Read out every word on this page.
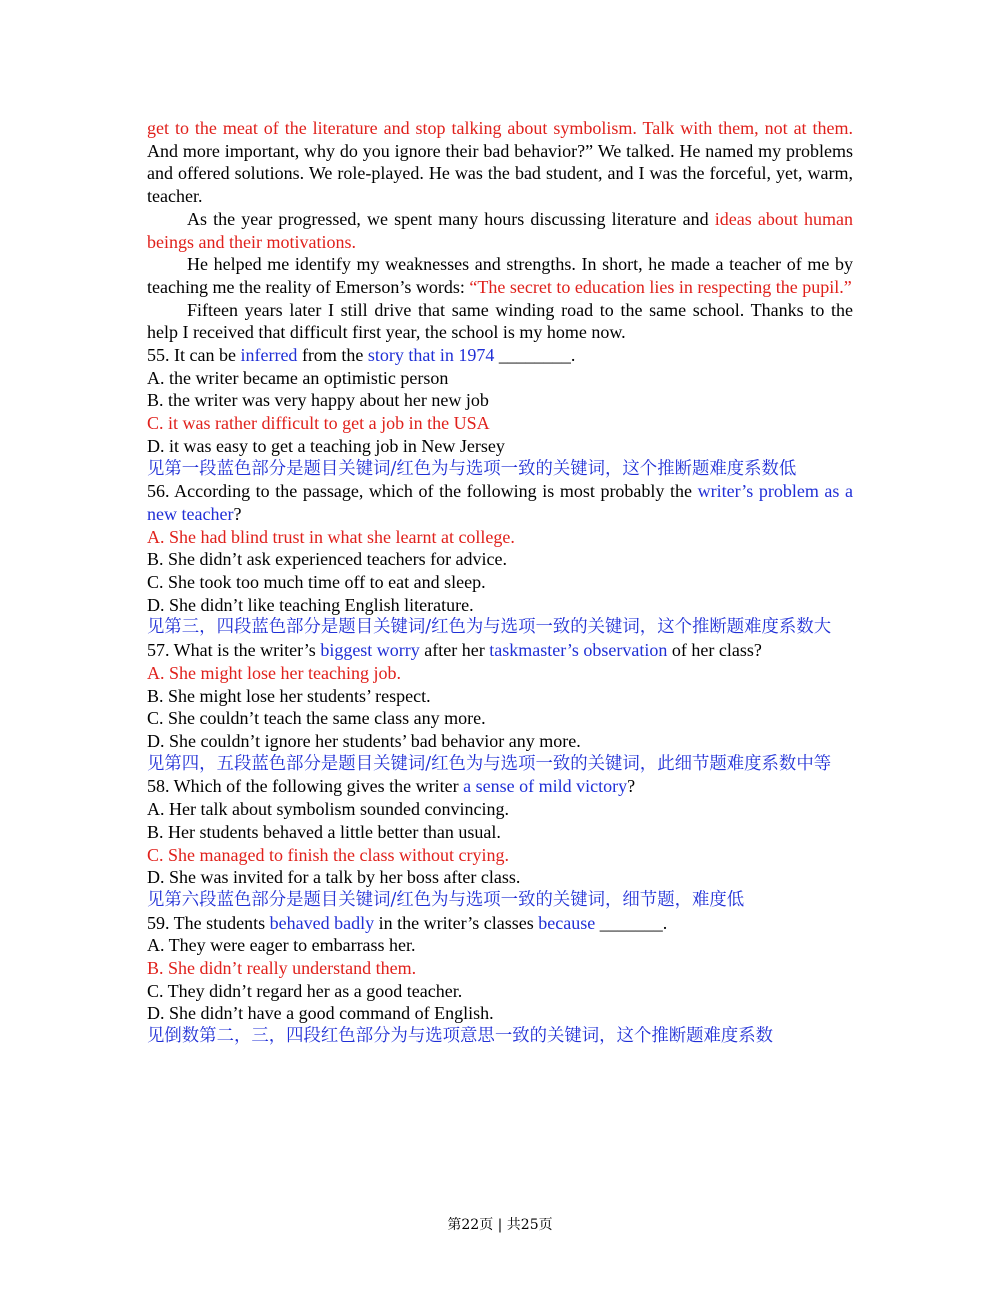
get to the meat of the literature and stop talking about symbolism. Talk with them, not at them. And more important, why do you ignore their bad behavior?” We talked. He named my problems and offered solutions. We role-played. He was the bad student, and I was the forceful, yet, warm, teacher.

As the year progressed, we spent many hours discussing literature and ideas about human beings and their motivations.

He helped me identify my weaknesses and strengths. In short, he made a teacher of me by teaching me the reality of Emerson’s words: “The secret to education lies in respecting the pupil.”

Fifteen years later I still drive that same winding road to the same school. Thanks to the help I received that difficult first year, the school is my home now.

55. It can be inferred from the story that in 1974 ________.

A. the writer became an optimistic person

B. the writer was very happy about her new job

C. it was rather difficult to get a job in the USA

D. it was easy to get a teaching job in New Jersey

见第一段蓝色部分是题目关键词/红色为与选项一致的关键词，这个推断题难度系数低

56. According to the passage, which of the following is most probably the writer’s problem as a new teacher?

A. She had blind trust in what she learnt at college.

B. She didn’t ask experienced teachers for advice.

C. She took too much time off to eat and sleep.

D. She didn’t like teaching English literature.

见第三，四段蓝色部分是题目关键词/红色为与选项一致的关键词，这个推断题难度系数大

57. What is the writer’s biggest worry after her taskmaster’s observation of her class?

A. She might lose her teaching job.

B. She might lose her students’ respect.

C. She couldn’t teach the same class any more.

D. She couldn’t ignore her students’ bad behavior any more.

见第四，五段蓝色部分是题目关键词/红色为与选项一致的关键词，此细节题难度系数中等

58. Which of the following gives the writer a sense of mild victory?

A. Her talk about symbolism sounded convincing.

B. Her students behaved a little better than usual.

C. She managed to finish the class without crying.

D. She was invited for a talk by her boss after class.

见第六段蓝色部分是题目关键词/红色为与选项一致的关键词，细节题，难度低

59. The students behaved badly in the writer’s classes because _______.

A. They were eager to embarrass her.

B. She didn’t really understand them.

C. They didn’t regard her as a good teacher.

D. She didn’t have a good command of English.

见倒数第二，三，四段红色部分为与选项意思一致的关键词，这个推断题难度系数

第22页 | 共25页
